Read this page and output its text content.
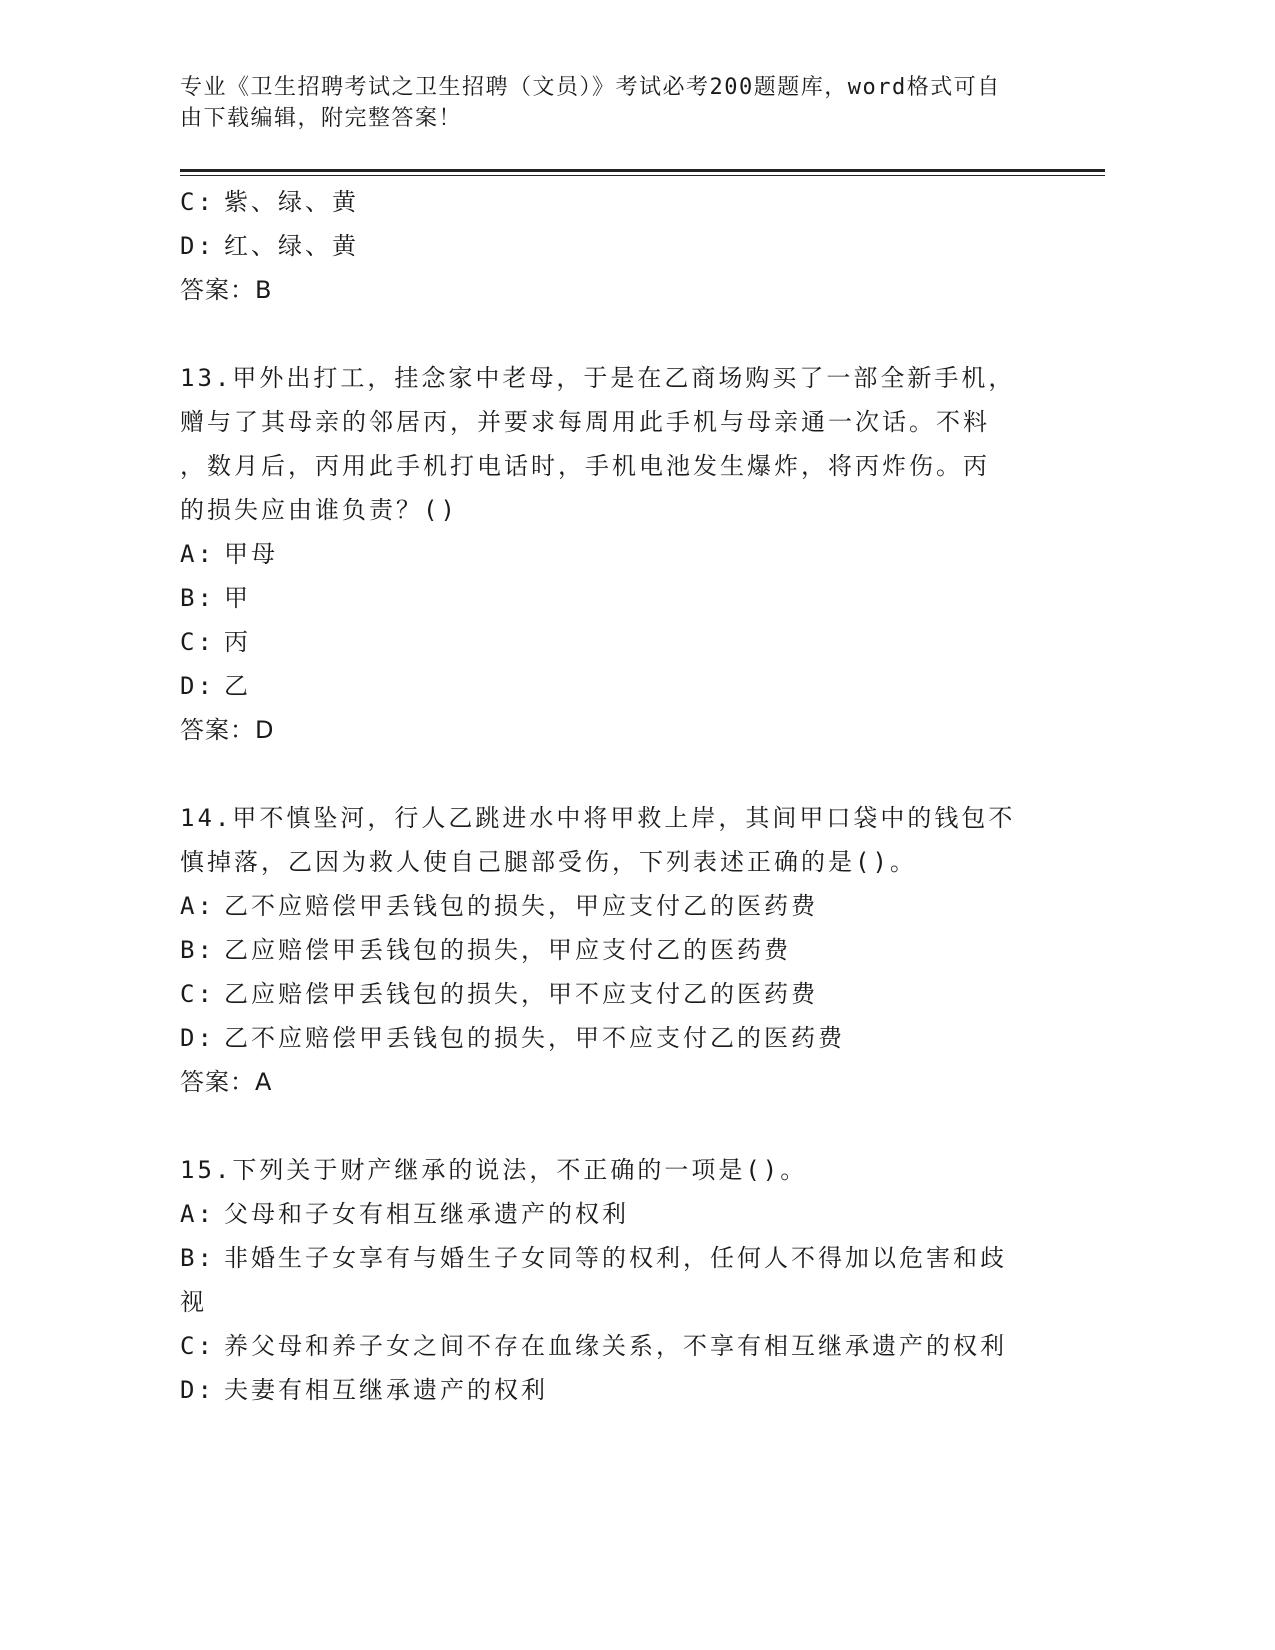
专业《卫生招聘考试之卫生招聘（文员）》考试必考200题题库，word格式可自
由下载编辑，附完整答案！
C: 紫、绿、黄
D: 红、绿、黄
答案：B
13.甲外出打工，挂念家中老母，于是在乙商场购买了一部全新手机，
赠与了其母亲的邻居丙，并要求每周用此手机与母亲通一次话。不料
，数月后，丙用此手机打电话时，手机电池发生爆炸，将丙炸伤。丙
的损失应由谁负责？()
A: 甲母
B: 甲
C: 丙
D: 乙
答案：D
14.甲不慎坠河，行人乙跳进水中将甲救上岸，其间甲口袋中的钱包不
慎掉落，乙因为救人使自己腿部受伤，下列表述正确的是()。
A: 乙不应赔偿甲丢钱包的损失，甲应支付乙的医药费
B: 乙应赔偿甲丢钱包的损失，甲应支付乙的医药费
C: 乙应赔偿甲丢钱包的损失，甲不应支付乙的医药费
D: 乙不应赔偿甲丢钱包的损失，甲不应支付乙的医药费
答案：A
15.下列关于财产继承的说法，不正确的一项是()。
A: 父母和子女有相互继承遗产的权利
B: 非婚生子女享有与婚生子女同等的权利，任何人不得加以危害和歧
视
C: 养父母和养子女之间不存在血缘关系，不享有相互继承遗产的权利
D: 夫妻有相互继承遗产的权利
